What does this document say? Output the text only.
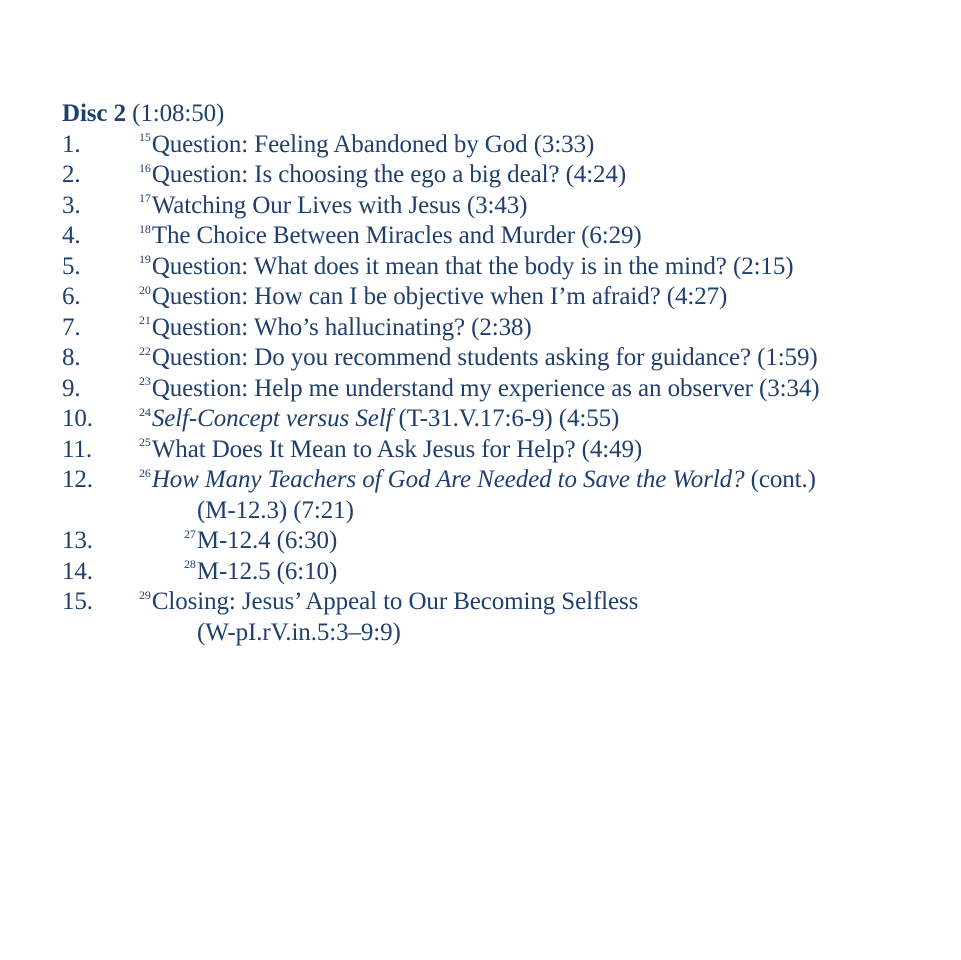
Disc 2 (1:08:50)
1.	$^{15}$Question: Feeling Abandoned by God (3:33)
2.	$^{16}$Question: Is choosing the ego a big deal? (4:24)
3.	$^{17}$Watching Our Lives with Jesus (3:43)
4.	$^{18}$The Choice Between Miracles and Murder (6:29)
5.	$^{19}$Question: What does it mean that the body is in the mind? (2:15)
6.	$^{20}$Question: How can I be objective when I’m afraid? (4:27)
7.	$^{21}$Question: Who’s hallucinating? (2:38)
8.	$^{22}$Question: Do you recommend students asking for guidance? (1:59)
9.	$^{23}$Question: Help me understand my experience as an observer (3:34)
10.	$^{24}$Self-Concept versus Self (T-31.V.17:6-9) (4:55)
11.	$^{25}$What Does It Mean to Ask Jesus for Help? (4:49)
12.	$^{26}$How Many Teachers of God Are Needed to Save the World? (cont.)
(M-12.3) (7:21)
13.	$^{27}$M-12.4 (6:30)
14.	$^{28}$M-12.5 (6:10)
15.	$^{29}$Closing: Jesus’ Appeal to Our Becoming Selfless
(W-pI.rV.in.5:3–9:9)
